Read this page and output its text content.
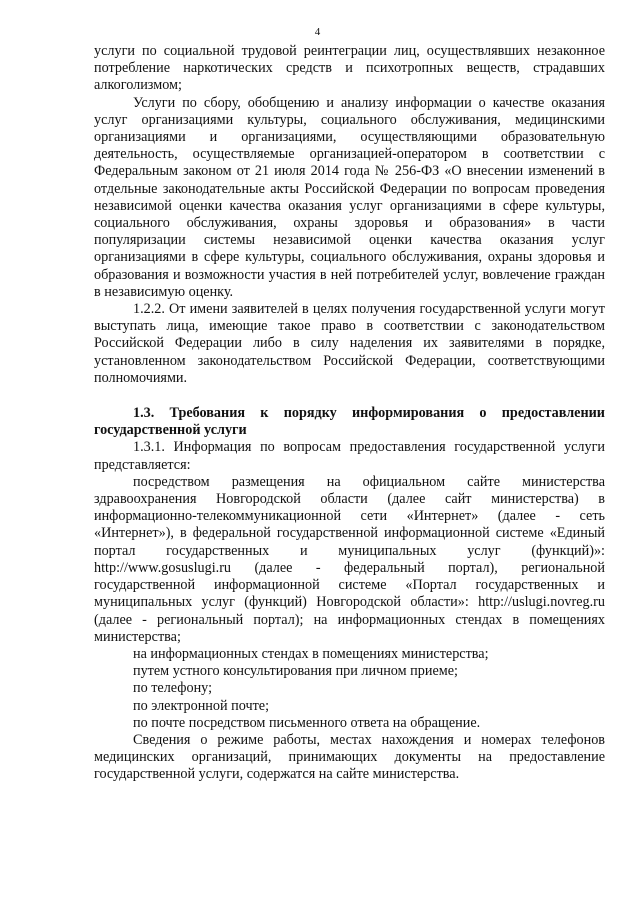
4

услуги по социальной трудовой реинтеграции лиц, осуществлявших незаконное потребление наркотических средств и психотропных веществ, страдавших алкоголизмом;

Услуги по сбору, обобщению и анализу информации о качестве оказания услуг организациями культуры, социального обслуживания, медицинскими организациями и организациями, осуществляющими образовательную деятельность, осуществляемые организацией-оператором в соответствии с Федеральным законом от 21 июля 2014 года № 256-ФЗ «О внесении изменений в отдельные законодательные акты Российской Федерации по вопросам проведения независимой оценки качества оказания услуг организациями в сфере культуры, социального обслуживания, охраны здоровья и образования» в части популяризации системы независимой оценки качества оказания услуг организациями в сфере культуры, социального обслуживания, охраны здоровья и образования и возможности участия в ней потребителей услуг, вовлечение граждан в независимую оценку.

1.2.2. От имени заявителей в целях получения государственной услуги могут выступать лица, имеющие такое право в соответствии с законодательством Российской Федерации либо в силу наделения их заявителями в порядке, установленном законодательством Российской Федерации, соответствующими полномочиями.

1.3. Требования к порядку информирования о предоставлении государственной услуги

1.3.1. Информация по вопросам предоставления государственной услуги представляется:

посредством размещения на официальном сайте министерства здравоохранения Новгородской области (далее сайт министерства) в информационно-телекоммуникационной сети «Интернет» (далее - сеть «Интернет»), в федеральной государственной информационной системе «Единый портал государственных и муниципальных услуг (функций)»: http://www.gosuslugi.ru (далее - федеральный портал), региональной государственной информационной системе «Портал государственных и муниципальных услуг (функций) Новгородской области»: http://uslugi.novreg.ru (далее - региональный портал); на информационных стендах в помещениях министерства;

на информационных стендах в помещениях министерства;

путем устного консультирования при личном приеме;

по телефону;

по электронной почте;

по почте посредством письменного ответа на обращение.

Сведения о режиме работы, местах нахождения и номерах телефонов медицинских организаций, принимающих документы на предоставление государственной услуги, содержатся на сайте министерства.
